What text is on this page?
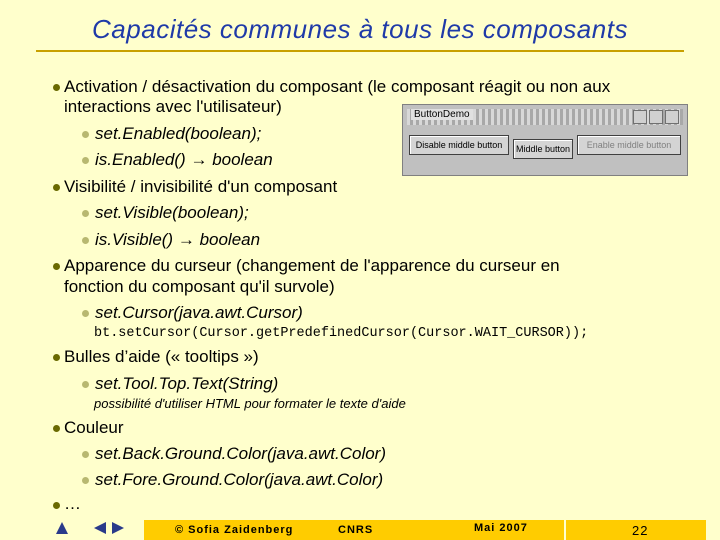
Capacités communes à tous les composants
Activation / désactivation du composant (le composant réagit ou non aux
interactions avec l'utilisateur)
set.Enabled(boolean);
is.Enabled() → boolean
ButtonDemo
Disable middle button	Middle button	Enable middle button
Visibilité / invisibilité d'un composant
set.Visible(boolean);
is.Visible() → boolean
Apparence du curseur (changement de l'apparence du curseur en
fonction du composant qu'il survole)
set.Cursor(java.awt.Cursor)
bt.setCursor(Cursor.getPredefinedCursor(Cursor.WAIT_CURSOR));
Bulles d’aide (« tooltips »)
set.Tool.Top.Text(String)
possibilité d'utiliser HTML pour formater le texte d'aide
Couleur
set.Back.Ground.Color(java.awt.Color)
set.Fore.Ground.Color(java.awt.Color)
…
© Sofia Zaidenberg	CNRS	Mai 2007	22
